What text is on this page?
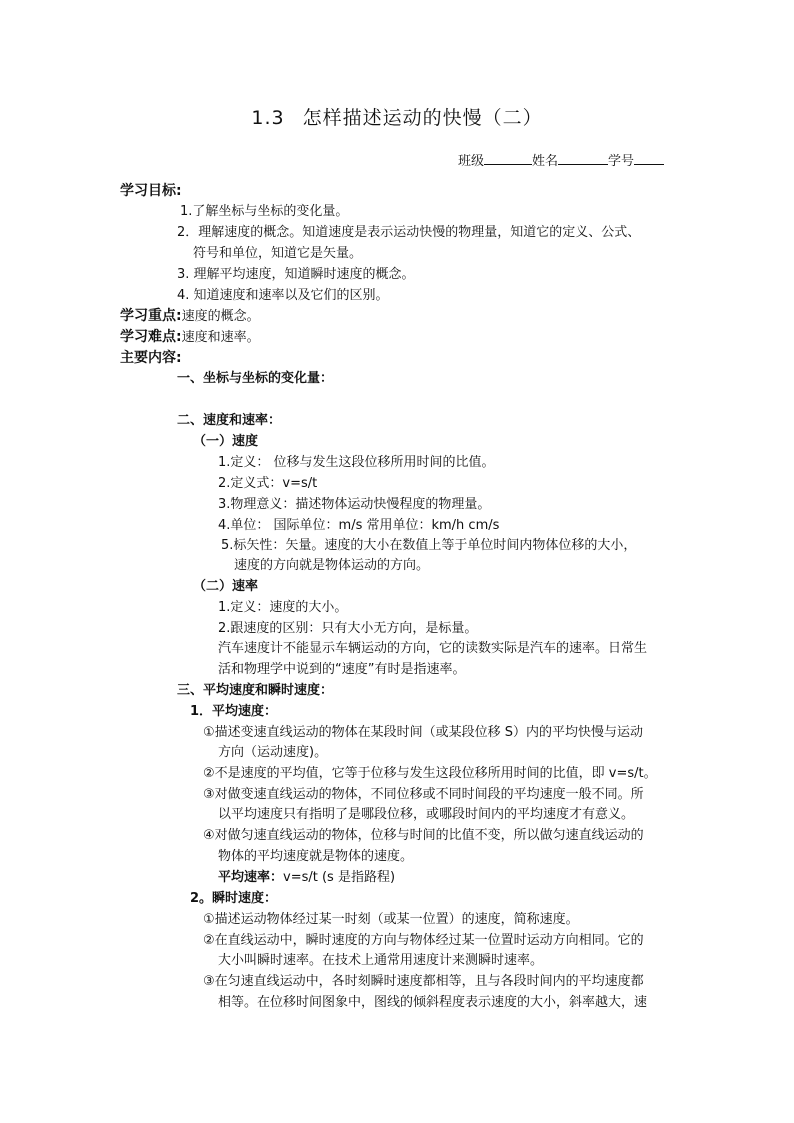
1.3 怎样描述运动的快慢（二）
班级	姓名	学号
学习目标:
1.了解坐标与坐标的变化量。
2．理解速度的概念。知道速度是表示运动快慢的物理量，知道它的定义、公式、
符号和单位，知道它是矢量。
3. 理解平均速度，知道瞬时速度的概念。
4. 知道速度和速率以及它们的区别。
学习重点:速度的概念。
学习难点:速度和速率。
主要内容:
一、坐标与坐标的变化量：
二、速度和速率：
（一）速度
1.定义： 位移与发生这段位移所用时间的比值。
2.定义式：v=s/t
3.物理意义：描述物体运动快慢程度的物理量。
4.单位： 国际单位：m/s 常用单位：km/h cm/s
5.标矢性：矢量。速度的大小在数值上等于单位时间内物体位移的大小，
速度的方向就是物体运动的方向。
（二）速率
1.定义：速度的大小。
2.跟速度的区别：只有大小无方向，是标量。
汽车速度计不能显示车辆运动的方向，它的读数实际是汽车的速率。日常生
活和物理学中说到的“速度”有时是指速率。
三、平均速度和瞬时速度：
1．平均速度：
①描述变速直线运动的物体在某段时间（或某段位移 S）内的平均快慢与运动
方向（运动速度)。
②不是速度的平均值，它等于位移与发生这段位移所用时间的比值，即 v=s/t。
③对做变速直线运动的物体，不同位移或不同时间段的平均速度一般不同。所
以平均速度只有指明了是哪段位移，或哪段时间内的平均速度才有意义。
④对做匀速直线运动的物体，位移与时间的比值不变，所以做匀速直线运动的
物体的平均速度就是物体的速度。
平均速率：v=s/t (s 是指路程)
2。瞬时速度：
①描述运动物体经过某一时刻（或某一位置）的速度，简称速度。
②在直线运动中，瞬时速度的方向与物体经过某一位置时运动方向相同。它的
大小叫瞬时速率。在技术上通常用速度计来测瞬时速率。
③在匀速直线运动中，各时刻瞬时速度都相等，且与各段时间内的平均速度都
相等。在位移时间图象中，图线的倾斜程度表示速度的大小，斜率越大，速
